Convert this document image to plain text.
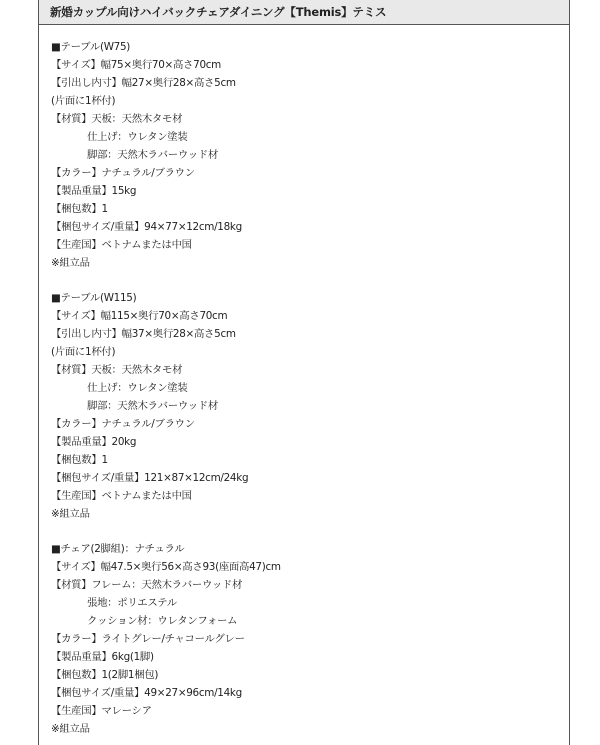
新婚カップル向けハイバックチェアダイニング【Themis】テミス
■テーブル(W75)
【サイズ】幅75×奥行70×高さ70cm
【引出し内寸】幅27×奥行28×高さ5cm
(片面に1杯付)
【材質】天板：天然木タモ材
仕上げ：ウレタン塗装
脚部：天然木ラバーウッド材
【カラー】ナチュラル/ブラウン
【製品重量】15kg
【梱包数】1
【梱包サイズ/重量】94×77×12cm/18kg
【生産国】ベトナムまたは中国
※組立品
■テーブル(W115)
【サイズ】幅115×奥行70×高さ70cm
【引出し内寸】幅37×奥行28×高さ5cm
(片面に1杯付)
【材質】天板：天然木タモ材
仕上げ：ウレタン塗装
脚部：天然木ラバーウッド材
【カラー】ナチュラル/ブラウン
【製品重量】20kg
【梱包数】1
【梱包サイズ/重量】121×87×12cm/24kg
【生産国】ベトナムまたは中国
※組立品
■チェア(2脚組)：ナチュラル
【サイズ】幅47.5×奥行56×高さ93(座面高47)cm
【材質】フレーム：天然木ラバーウッド材
張地：ポリエステル
クッション材：ウレタンフォーム
【カラー】ライトグレー/チャコールグレー
【製品重量】6kg(1脚)
【梱包数】1(2脚1梱包)
【梱包サイズ/重量】49×27×96cm/14kg
【生産国】マレーシア
※組立品
